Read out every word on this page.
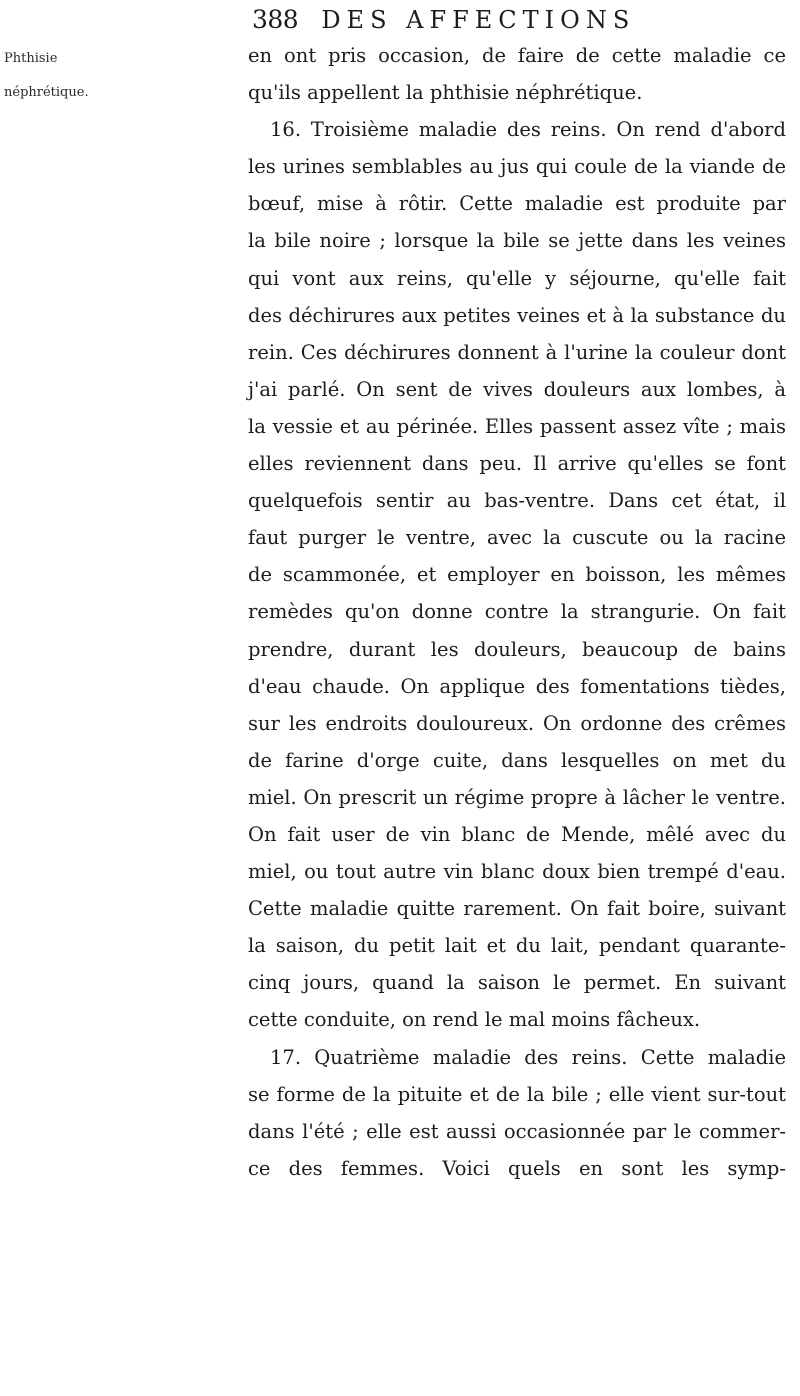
388 DES AFFECTIONS
Phthisie
néphrétique.
en ont pris occasion, de faire de cette maladie ce
qu'ils appellent la phthisie néphrétique.
16. Troisième maladie des reins. On rend d'abord
les urines semblables au jus qui coule de la viande de
bœuf, mise à rôtir. Cette maladie est produite par
la bile noire ; lorsque la bile se jette dans les veines
qui vont aux reins, qu'elle y séjourne, qu'elle fait
des déchirures aux petites veines et à la substance du
rein. Ces déchirures donnent à l'urine la couleur dont
j'ai parlé. On sent de vives douleurs aux lombes, à
la vessie et au périnée. Elles passent assez vîte ; mais
elles reviennent dans peu. Il arrive qu'elles se font
quelquefois sentir au bas-ventre. Dans cet état, il
faut purger le ventre, avec la cuscute ou la racine
de scammonée, et employer en boisson, les mêmes
remèdes qu'on donne contre la strangurie. On fait
prendre, durant les douleurs, beaucoup de bains
d'eau chaude. On applique des fomentations tièdes,
sur les endroits douloureux. On ordonne des crêmes
de farine d'orge cuite, dans lesquelles on met du
miel. On prescrit un régime propre à lâcher le ventre.
On fait user de vin blanc de Mende, mêlé avec du
miel, ou tout autre vin blanc doux bien trempé d'eau.
Cette maladie quitte rarement. On fait boire, suivant
la saison, du petit lait et du lait, pendant quarante-
cinq jours, quand la saison le permet. En suivant
cette conduite, on rend le mal moins fâcheux.
17. Quatrième maladie des reins. Cette maladie
se forme de la pituite et de la bile ; elle vient sur-tout
dans l'été ; elle est aussi occasionnée par le commer-
ce des femmes. Voici quels en sont les symp-
